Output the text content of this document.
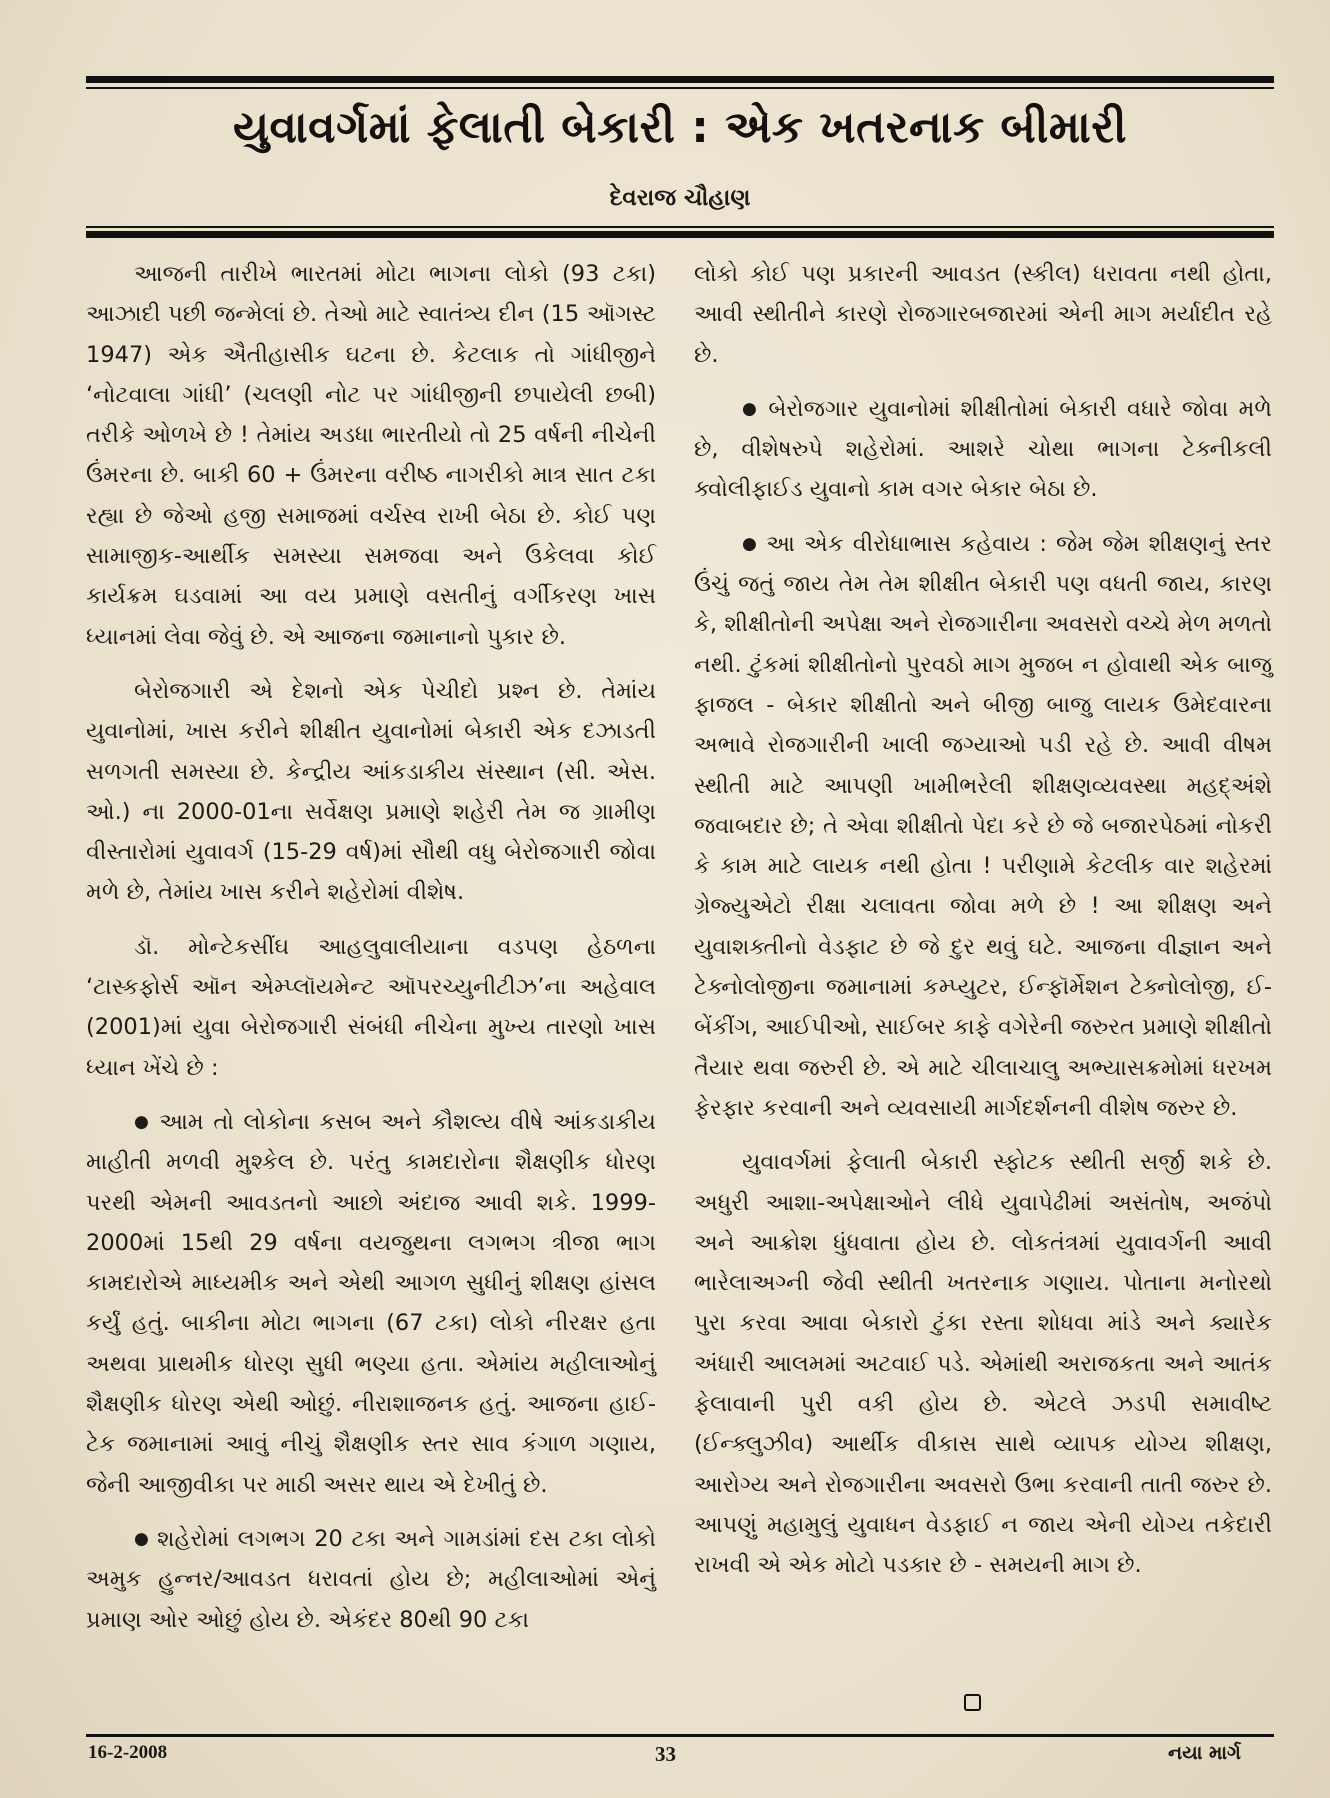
યુવાવર્ગમાં ફેલાતી બેકારી : એક ખતરનાક બીમારી
દેવરાજ ચૌહાણ

આજની તારીખે ભારતમાં મોટા ભાગના લોકો (93 ટકા) આઝાદી પછી જન્મેલાં છે. તેઓ માટે સ્વાતંત્ર્ય દીન (15 ઑગસ્ટ 1947) એક ઐતીહાસીક ઘટના છે. કેટલાક તો ગાંધીજીને ‘નોટવાલા ગાંધી’ (ચલણી નોટ પર ગાંધીજીની છપાયેલી છબી) તરીકે ઓળખે છે ! તેમાંય અડધા ભારતીયો તો 25 વર્ષની નીચેની ઉંમરના છે. બાકી 60 + ઉંમરના વરીષ્ઠ નાગરીકો માત્ર સાત ટકા રહ્યા છે જેઓ હજી સમાજમાં વર્ચસ્વ રાખી બેઠા છે. કોઈ પણ સામાજીક-આર્થીક સમસ્યા સમજવા અને ઉકેલવા કોઈ કાર્યક્રમ ઘડવામાં આ વય પ્રમાણે વસતીનું વર્ગીકરણ ખાસ ધ્યાનમાં લેવા જેવું છે. એ આજના જમાનાનો પુકાર છે.

બેરોજગારી એ દેશનો એક પેચીદો પ્રશ્ન છે. તેમાંય યુવાનોમાં, ખાસ કરીને શીક્ષીત યુવાનોમાં બેકારી એક દઝાડતી સળગતી સમસ્યા છે. કેન્દ્રીય આંકડાકીય સંસ્થાન (સી. એસ. ઓ.) ના 2000-01ના સર્વેક્ષણ પ્રમાણે શહેરી તેમ જ ગ્રામીણ વીસ્તારોમાં યુવાવર્ગ (15-29 વર્ષ)માં સૌથી વધુ બેરોજગારી જોવા મળે છે, તેમાંય ખાસ કરીને શહેરોમાં વીશેષ.

ડૉ. મોન્ટેકસીંઘ આહલુવાલીયાના વડપણ હેઠળના ‘ટાસ્કફોર્સ ઑન એમ્પ્લૉયમેન્ટ ઑપરચ્યુનીટીઝ’ના અહેવાલ (2001)માં યુવા બેરોજગારી સંબંધી નીચેના મુખ્ય તારણો ખાસ ધ્યાન ખેંચે છે :

● આમ તો લોકોના કસબ અને કૌશલ્ય વીષે આંકડાકીય માહીતી મળવી મુશ્કેલ છે. પરંતુ કામદારોના શૈક્ષણીક ધોરણ પરથી એમની આવડતનો આછો અંદાજ આવી શકે. 1999- 2000માં 15થી 29 વર્ષના વયજુથના લગભગ ત્રીજા ભાગ કામદારોએ માધ્યમીક અને એથી આગળ સુધીનું શીક્ષણ હાંસલ કર્યું હતું. બાકીના મોટા ભાગના (67 ટકા) લોકો નીરક્ષર હતા અથવા પ્રાથમીક ધોરણ સુધી ભણ્યા હતા. એમાંય મહીલાઓનું શૈક્ષણીક ધોરણ એથી ઓછું. નીરાશાજનક હતું. આજના હાઈ-ટેક જમાનામાં આવું નીચું શૈક્ષણીક સ્તર સાવ કંગાળ ગણાય, જેની આજીવીકા પર માઠી અસર થાય એ દેખીતું છે.

● શહેરોમાં લગભગ 20 ટકા અને ગામડાંમાં દસ ટકા લોકો અમુક હુન્નર/આવડત ધરાવતાં હોય છે; મહીલાઓમાં એનું પ્રમાણ ઓર ઓછું હોય છે. એકંદર 80થી 90 ટકા

લોકો કોઈ પણ પ્રકારની આવડત (સ્કીલ) ધરાવતા નથી હોતા, આવી સ્થીતીને કારણે રોજગારબજારમાં એની માગ મર્યાદીત રહે છે.

● બેરોજગાર યુવાનોમાં શીક્ષીતોમાં બેકારી વધારે જોવા મળે છે, વીશેષરુપે શહેરોમાં. આશરે ચોથા ભાગના ટેક્નીકલી ક્વોલીફાઈડ યુવાનો કામ વગર બેકાર બેઠા છે.

● આ એક વીરોધાભાસ કહેવાય : જેમ જેમ શીક્ષણનું સ્તર ઉંચું જતું જાય તેમ તેમ શીક્ષીત બેકારી પણ વધતી જાય, કારણ કે, શીક્ષીતોની અપેક્ષા અને રોજગારીના અવસરો વચ્ચે મેળ મળતો નથી. ટુંકમાં શીક્ષીતોનો પુરવઠો માગ મુજબ ન હોવાથી એક બાજુ ફાજલ - બેકાર શીક્ષીતો અને બીજી બાજુ લાયક ઉમેદવારના અભાવે રોજગારીની ખાલી જગ્યાઓ પડી રહે છે. આવી વીષમ સ્થીતી માટે આપણી ખામીભરેલી શીક્ષણવ્યવસ્થા મહદ્અંશે જવાબદાર છે; તે એવા શીક્ષીતો પેદા કરે છે જે બજારપેઠમાં નોકરી કે કામ માટે લાયક નથી હોતા ! પરીણામે કેટલીક વાર શહેરમાં ગ્રેજ્યુએટો રીક્ષા ચલાવતા જોવા મળે છે ! આ શીક્ષણ અને યુવાશક્તીનો વેડફાટ છે જે દુર થવું ઘટે. આજના વીજ્ઞાન અને ટેક્નોલોજીના જમાનામાં કમ્પ્યુટર, ઈન્ફૉર્મેશન ટેક્નોલોજી, ઈ-બેંકીંગ, આઈપીઓ, સાઈબર કાફે વગેરેની જરુરત પ્રમાણે શીક્ષીતો તૈયાર થવા જરુરી છે. એ માટે ચીલાચાલુ અભ્યાસક્રમોમાં ધરખમ ફેરફાર કરવાની અને વ્યવસાયી માર્ગદર્શનની વીશેષ જરુર છે.

યુવાવર્ગમાં ફેલાતી બેકારી સ્ફોટક સ્થીતી સર્જી શકે છે. અધુરી આશા-અપેક્ષાઓને લીધે યુવાપેઢીમાં અસંતોષ, અજંપો અને આક્રોશ ધુંધવાતા હોય છે. લોકતંત્રમાં યુવાવર્ગની આવી ભારેલાઅગ્ની જેવી સ્થીતી ખતરનાક ગણાય. પોતાના મનોરથો પુરા કરવા આવા બેકારો ટુંકા રસ્તા શોધવા માંડે અને ક્યારેક અંધારી આલમમાં અટવાઈ પડે. એમાંથી અરાજકતા અને આતંક ફેલાવાની પુરી વકી હોય છે. એટલે ઝડપી સમાવીષ્ટ (ઈન્ક્લુઝીવ) આર્થીક વીકાસ સાથે વ્યાપક યોગ્ય શીક્ષણ, આરોગ્ય અને રોજગારીના અવસરો ઉભા કરવાની તાતી જરુર છે. આપણું મહામુલું યુવાધન વેડફાઈ ન જાય એની યોગ્ય તકેદારી રાખવી એ એક મોટો પડકાર છે - સમયની માગ છે.

16-2-2008	33	નયા માર્ગ
